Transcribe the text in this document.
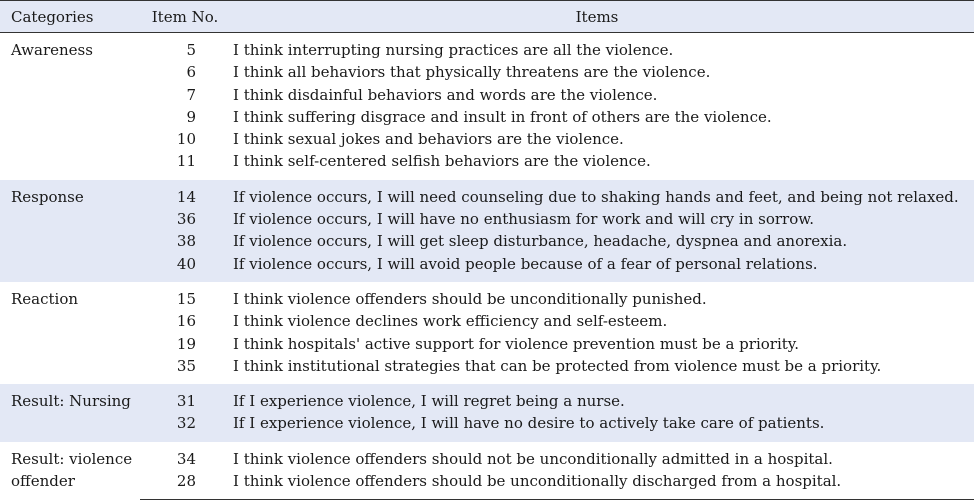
Categories	Item No.	Items
Awareness	5	I think interrupting nursing practices are all the violence.
	6	I think all behaviors that physically threatens are the violence.
	7	I think disdainful behaviors and words are the violence.
	9	I think suffering disgrace and insult in front of others are the violence.
	10	I think sexual jokes and behaviors are the violence.
	11	I think self-centered selfish behaviors are the violence.
Response	14	If violence occurs, I will need counseling due to shaking hands and feet, and being not relaxed.
	36	If violence occurs, I will have no enthusiasm for work and will cry in sorrow.
	38	If violence occurs, I will get sleep disturbance, headache, dyspnea and anorexia.
	40	If violence occurs, I will avoid people because of a fear of personal relations.
Reaction	15	I think violence offenders should be unconditionally punished.
	16	I think violence declines work efficiency and self-esteem.
	19	I think hospitals' active support for violence prevention must be a priority.
	35	I think institutional strategies that can be protected from violence must be a priority.
Result: Nursing	31	If I experience violence, I will regret being a nurse.
	32	If I experience violence, I will have no desire to actively take care of patients.
Result: violence offender	34	I think violence offenders should not be unconditionally admitted in a hospital.
	28	I think violence offenders should be unconditionally discharged from a hospital.
